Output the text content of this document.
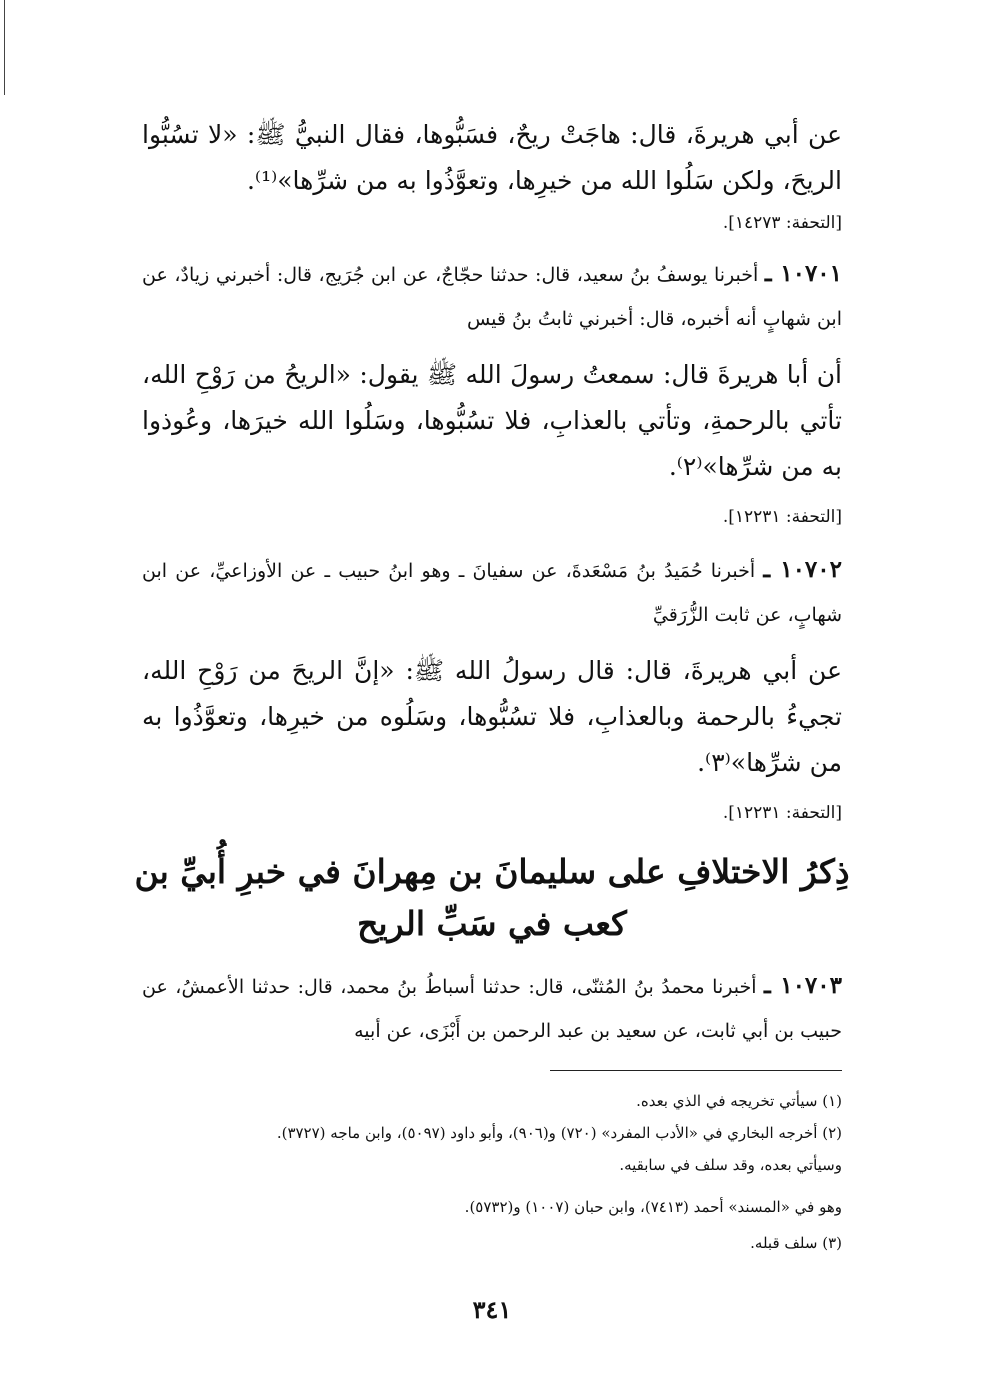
عن أبي هريرةَ، قال: هاجَتْ ريحٌ، فسَبُّوها، فقال النبيُّ ﷺ: «لا تسُبُّوا الريحَ، ولكن سَلُوا الله من خيرِها، وتعوَّذُوا به من شرِّها»⁽¹⁾.
[التحفة: ١٤٢٧٣].
١٠٧٠١ ـ أخبرنا يوسفُ بنُ سعيد، قال: حدثنا حجّاجٌ، عن ابن جُرَيج، قال: أخبرني زيادٌ، عن ابن شهابٍ أنه أخبره، قال: أخبرني ثابتُ بنُ قيس
أن أبا هريرةَ قال: سمعتُ رسولَ الله ﷺ يقول: «الريحُ من رَوْحِ الله، تأتي بالرحمةِ، وتأتي بالعذابِ، فلا تسُبُّوها، وسَلُوا الله خيرَها، وعُوذوا به من شرِّها»⁽٢⁾.
[التحفة: ١٢٢٣١].
١٠٧٠٢ ـ أخبرنا حُمَيدُ بنُ مَسْعَدةَ، عن سفيانَ ـ وهو ابنُ حبيب ـ عن الأوزاعيِّ، عن ابن شهابٍ، عن ثابت الزُّرَقيِّ
عن أبي هريرةَ، قال: قال رسولُ الله ﷺ: «إنَّ الريحَ من رَوْحِ الله، تجيءُ بالرحمة وبالعذابِ، فلا تسُبُّوها، وسَلُوه من خيرِها، وتعوَّذُوا به من شرِّها»⁽٣⁾.
[التحفة: ١٢٢٣١].
ذِكرُ الاختلافِ على سليمانَ بن مِهرانَ في خبرِ أُبيِّ بن كعب في سَبِّ الريح
١٠٧٠٣ ـ أخبرنا محمدُ بنُ المُثنّى، قال: حدثنا أسباطُ بنُ محمد، قال: حدثنا الأعمشُ، عن حبيب بن أبي ثابت، عن سعيد بن عبد الرحمن بن أَبْزَى، عن أبيه
(١) سيأتي تخريجه في الذي بعده.
(٢) أخرجه البخاري في «الأدب المفرد» (٧٢٠) و(٩٠٦)، وأبو داود (٥٠٩٧)، وابن ماجه (٣٧٢٧).
وسيأتي بعده، وقد سلف في سابقيه.
وهو في «المسند» أحمد (٧٤١٣)، وابن حبان (١٠٠٧) و(٥٧٣٢).
(٣) سلف قبله.
٣٤١
